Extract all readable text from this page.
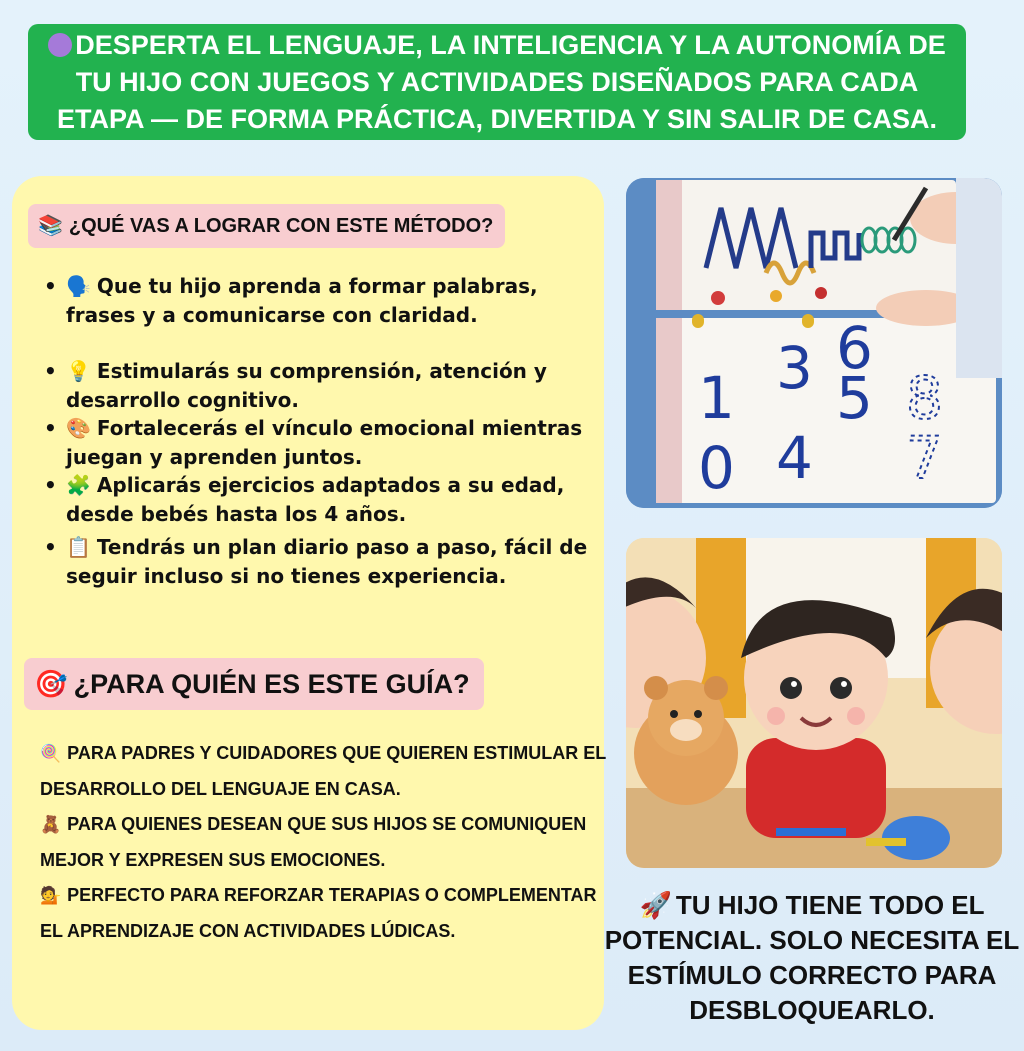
DESPERTA EL LENGUAJE, LA INTELIGENCIA Y LA AUTONOMÍA DE
TU HIJO CON JUEGOS Y ACTIVIDADES DISEÑADOS PARA CADA
ETAPA — DE FORMA PRÁCTICA, DIVERTIDA Y SIN SALIR DE CASA.
📚 ¿QUÉ VAS A LOGRAR CON ESTE MÉTODO?
• 🗣️ Que tu hijo aprenda a formar palabras, frases y a comunicarse con claridad.
• 💡 Estimularás su comprensión, atención y desarrollo cognitivo.
• 🎨 Fortalecerás el vínculo emocional mientras juegan y aprenden juntos.
• 🧩 Aplicarás ejercicios adaptados a su edad, desde bebés hasta los 4 años.
• 📋 Tendrás un plan diario paso a paso, fácil de seguir incluso si no tienes experiencia.
🎯 ¿PARA QUIÉN ES ESTE GUÍA?
🍭 PARA PADRES Y CUIDADORES QUE QUIEREN ESTIMULAR EL DESARROLLO DEL LENGUAJE EN CASA.
🧸 PARA QUIENES DESEAN QUE SUS HIJOS SE COMUNIQUEN MEJOR Y EXPRESEN SUS EMOCIONES.
💁 PERFECTO PARA REFORZAR TERAPIAS O COMPLEMENTAR EL APRENDIZAJE CON ACTIVIDADES LÚDICAS.
0
1 3
4
5
6
7
8
🚀 TU HIJO TIENE TODO EL POTENCIAL. SOLO NECESITA EL ESTÍMULO CORRECTO PARA DESBLOQUEARLO.
